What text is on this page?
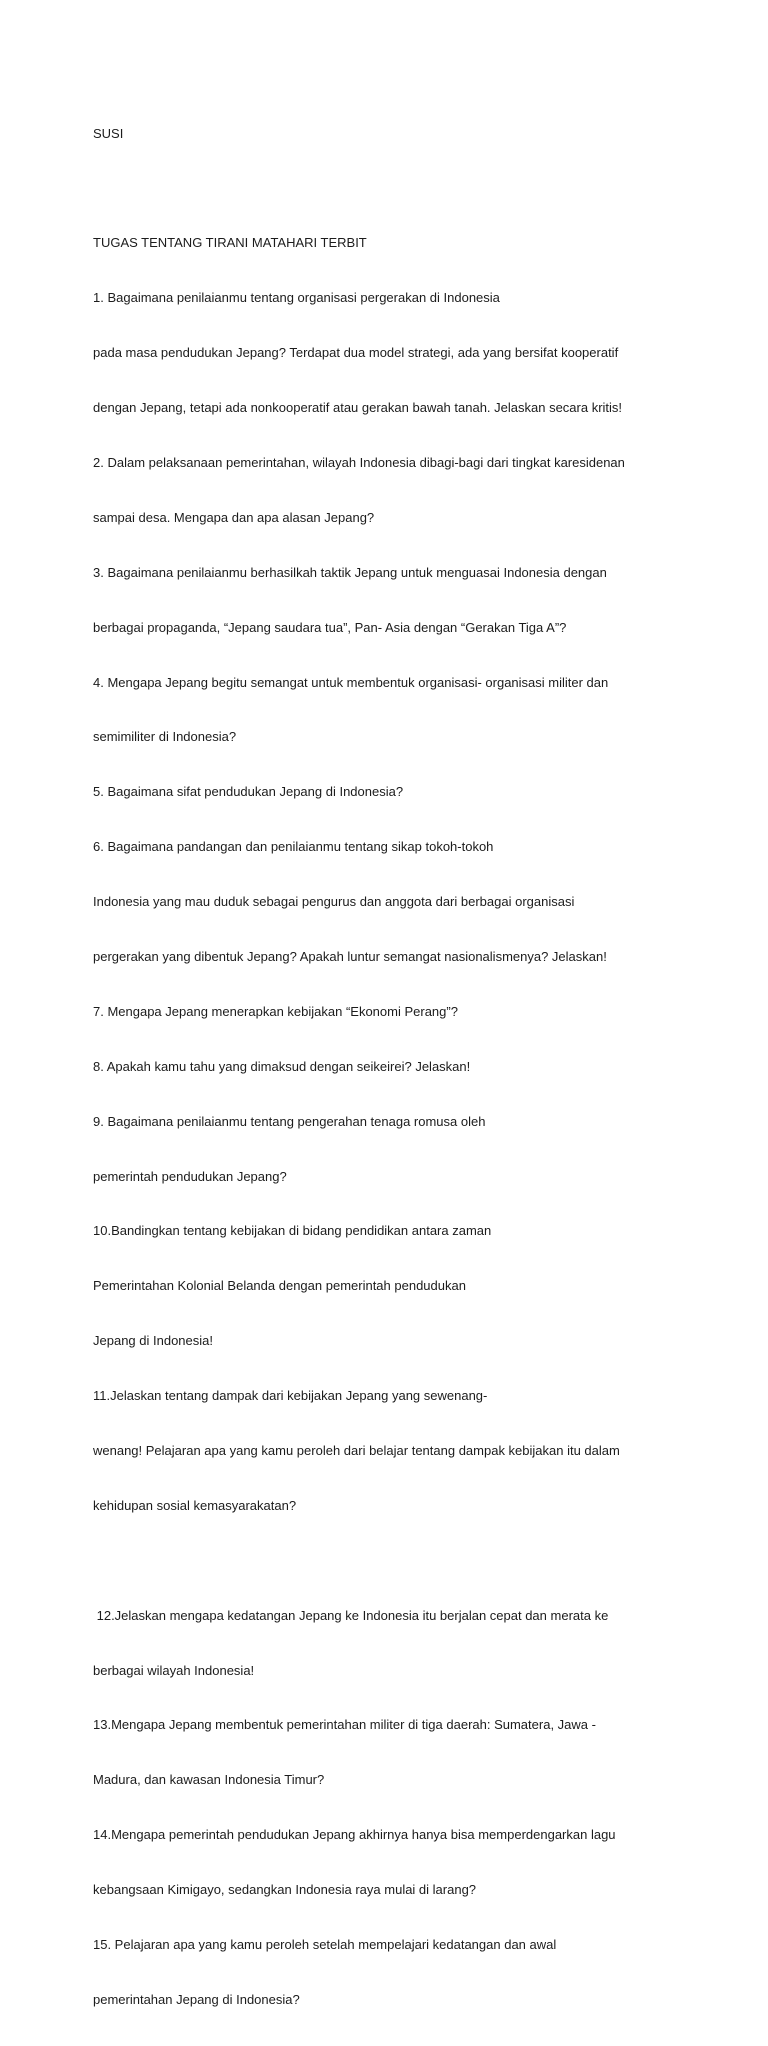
SUSI

TUGAS TENTANG TIRANI MATAHARI TERBIT

1. Bagaimana penilaianmu tentang organisasi pergerakan di Indonesia

pada masa pendudukan Jepang? Terdapat dua model strategi, ada yang bersifat kooperatif

dengan Jepang, tetapi ada nonkooperatif atau gerakan bawah tanah. Jelaskan secara kritis!

2. Dalam pelaksanaan pemerintahan, wilayah Indonesia dibagi-bagi dari tingkat karesidenan

sampai desa. Mengapa dan apa alasan Jepang?

3. Bagaimana penilaianmu berhasilkah taktik Jepang untuk menguasai Indonesia dengan

berbagai propaganda, “Jepang saudara tua”, Pan- Asia dengan “Gerakan Tiga A”?

4. Mengapa Jepang begitu semangat untuk membentuk organisasi- organisasi militer dan

semimiliter di Indonesia?

5. Bagaimana sifat pendudukan Jepang di Indonesia?

6. Bagaimana pandangan dan penilaianmu tentang sikap tokoh-tokoh

Indonesia yang mau duduk sebagai pengurus dan anggota dari berbagai organisasi

pergerakan yang dibentuk Jepang? Apakah luntur semangat nasionalismenya? Jelaskan!

7. Mengapa Jepang menerapkan kebijakan “Ekonomi Perang”?

8. Apakah kamu tahu yang dimaksud dengan seikeirei? Jelaskan!

9. Bagaimana penilaianmu tentang pengerahan tenaga romusa oleh

pemerintah pendudukan Jepang?

10.Bandingkan tentang kebijakan di bidang pendidikan antara zaman

Pemerintahan Kolonial Belanda dengan pemerintah pendudukan

Jepang di Indonesia!

11.Jelaskan tentang dampak dari kebijakan Jepang yang sewenang-

wenang! Pelajaran apa yang kamu peroleh dari belajar tentang dampak kebijakan itu dalam

kehidupan sosial kemasyarakatan?

12.Jelaskan mengapa kedatangan Jepang ke Indonesia itu berjalan cepat dan merata ke

berbagai wilayah Indonesia!

13.Mengapa Jepang membentuk pemerintahan militer di tiga daerah: Sumatera, Jawa -

Madura, dan kawasan Indonesia Timur?

14.Mengapa pemerintah pendudukan Jepang akhirnya hanya bisa memperdengarkan lagu

kebangsaan Kimigayo, sedangkan Indonesia raya mulai di larang?

15. Pelajaran apa yang kamu peroleh setelah mempelajari kedatangan dan awal

pemerintahan Jepang di Indonesia?
